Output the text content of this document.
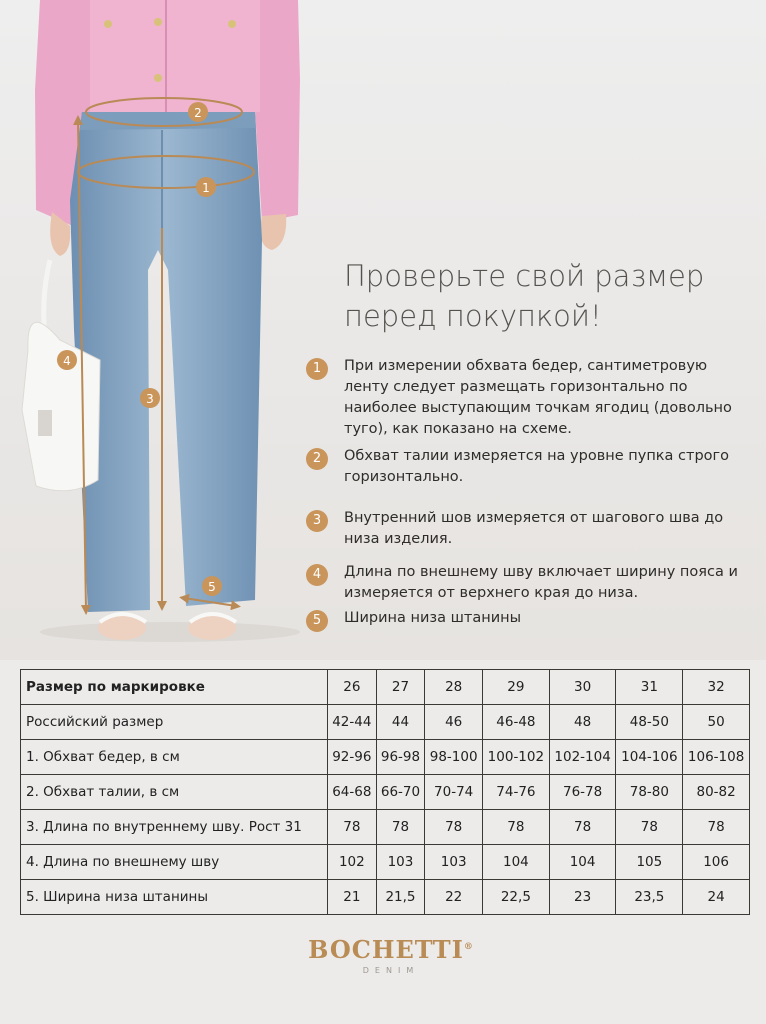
1
2
3
4
5
Проверьте свой размер
перед покупкой!
1	При измерении обхвата бедер, сантиметровую ленту следует размещать горизонтально по наиболее выступающим точкам ягодиц (довольно туго), как показано на схеме.
2	Обхват талии измеряется на уровне пупка строго горизонтально.
3	Внутренний шов измеряется от шагового шва до низа изделия.
4	Длина по внешнему шву включает ширину пояса и измеряется от верхнего края до низа.
5	Ширина низа штанины
Размер по маркировке	26	27	28	29	30	31	32
Российский размер	42-44	44	46	46-48	48	48-50	50
1. Обхват бедер, в см	92-96	96-98	98-100	100-102	102-104	104-106	106-108
2. Обхват талии, в см	64-68	66-70	70-74	74-76	76-78	78-80	80-82
3. Длина по внутреннему шву. Рост 31	78	78	78	78	78	78	78
4. Длина по внешнему шву	102	103	103	104	104	105	106
5. Ширина низа штанины	21	21,5	22	22,5	23	23,5	24
BOCHETTI®
DENIM
